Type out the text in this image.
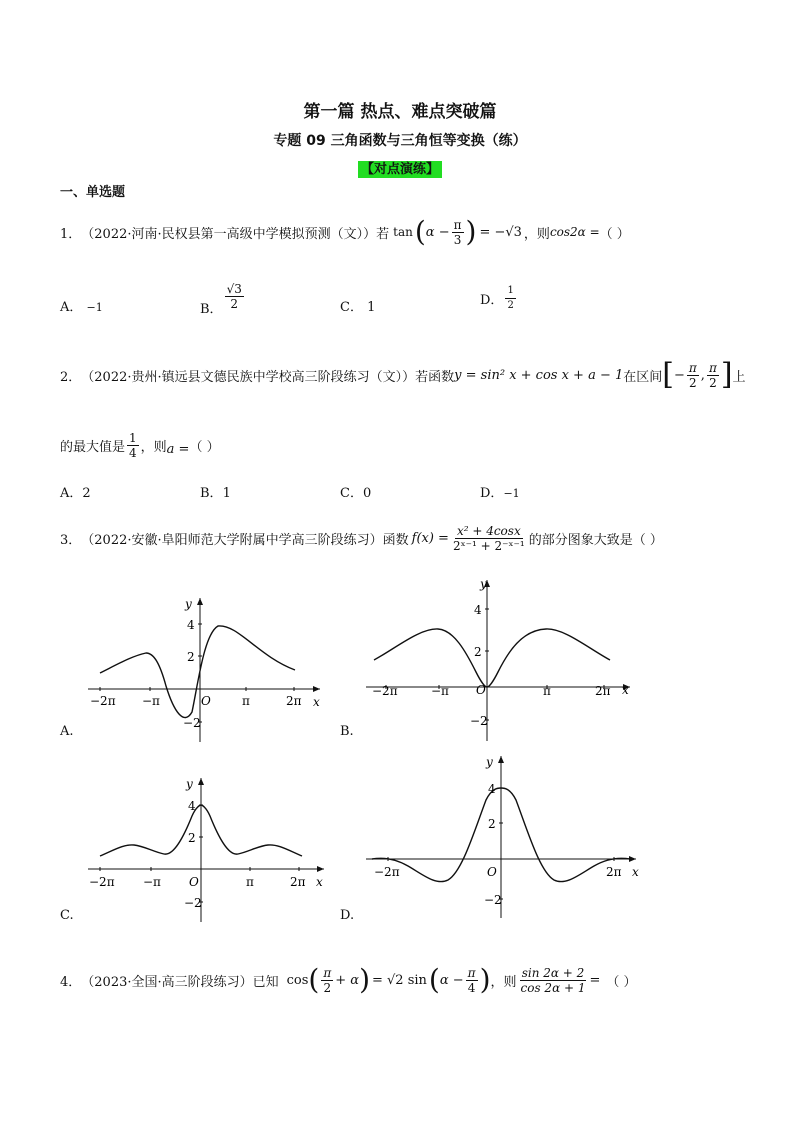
第一篇 热点、难点突破篇
专题 09 三角函数与三角恒等变换（练）
【对点演练】
一、单选题
1． （2022·河南·民权县第一高级中学模拟预测（文））若 tan ( $\alpha - \frac{\pi}{3}$ ) = −√3 ，则 cos2α = （ ）
A． −1	B． $\frac{√3}{2}$	C． 1	D． $\frac{1}{2}$
2． （2022·贵州·镇远县文德民族中学校高三阶段练习（文））若函数 y = sin² x + cos x + a − 1 在区间 [ − $\frac{\pi}{2}$ , $\frac{\pi}{2}$ ] 上
的最大值是 $\frac{1}{4}$ ，则 a = （ ）
A．2	B．1	C．0	D．−1
3． （2022·安徽·阜阳师范大学附属中学高三阶段练习）函数 $f(x) = \frac{\text{x² + 4cosx}}{\text{2ˣ⁻¹ + 2⁻ˣ⁻¹}}$ 的部分图象大致是（ ）
y
x
O
−2π −π	π	2π
4
2
−2
A.
y
x
O
−2π	−π	π	2π
4
2
−2
B.
y
x
O
−2π −π	π	2π
4
2
−2
C.
y
x
O
−2π	2π
4
2
−2
D.
4． （2023·全国·高三阶段练习）已知 cos ( $\frac{\pi}{2} + \alpha$ ) = √2 sin ( $\alpha - \frac{\pi}{4}$ ) ，则 $\frac{\sin 2\alpha + 2}{\cos 2\alpha + 1}$ = （ ）
